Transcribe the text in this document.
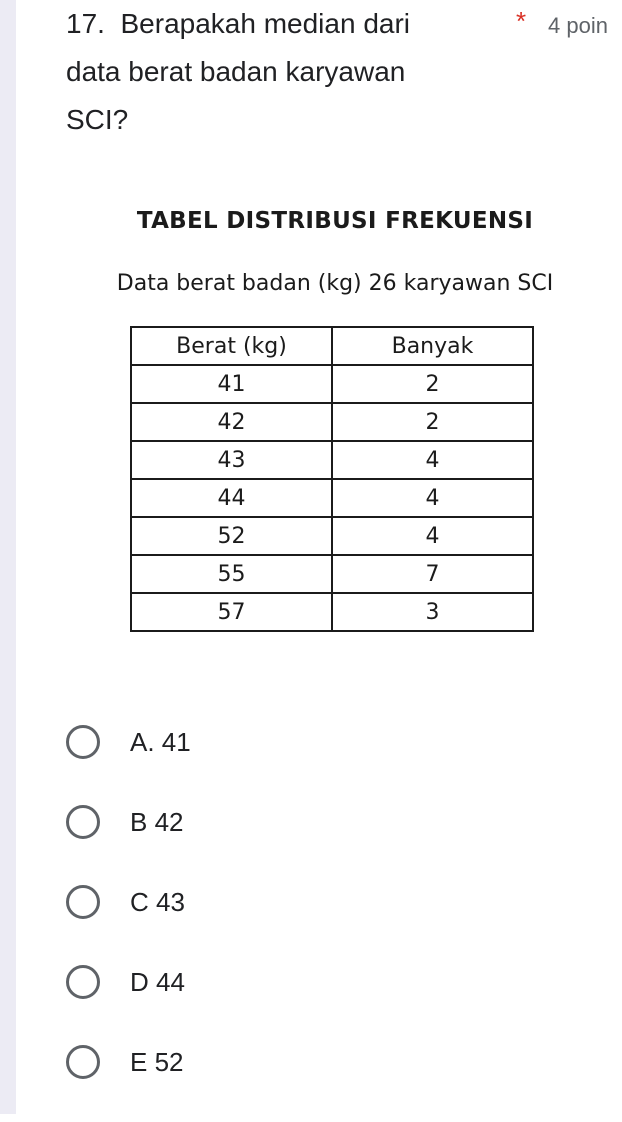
17. Berapakah median dari
data berat badan karyawan
SCI?
* 4 poin
TABEL DISTRIBUSI FREKUENSI
Data berat badan (kg) 26 karyawan SCI
Berat (kg)	Banyak
41	2
42	2
43	4
44	4
52	4
55	7
57	3
A. 41
B 42
C 43
D 44
E 52
